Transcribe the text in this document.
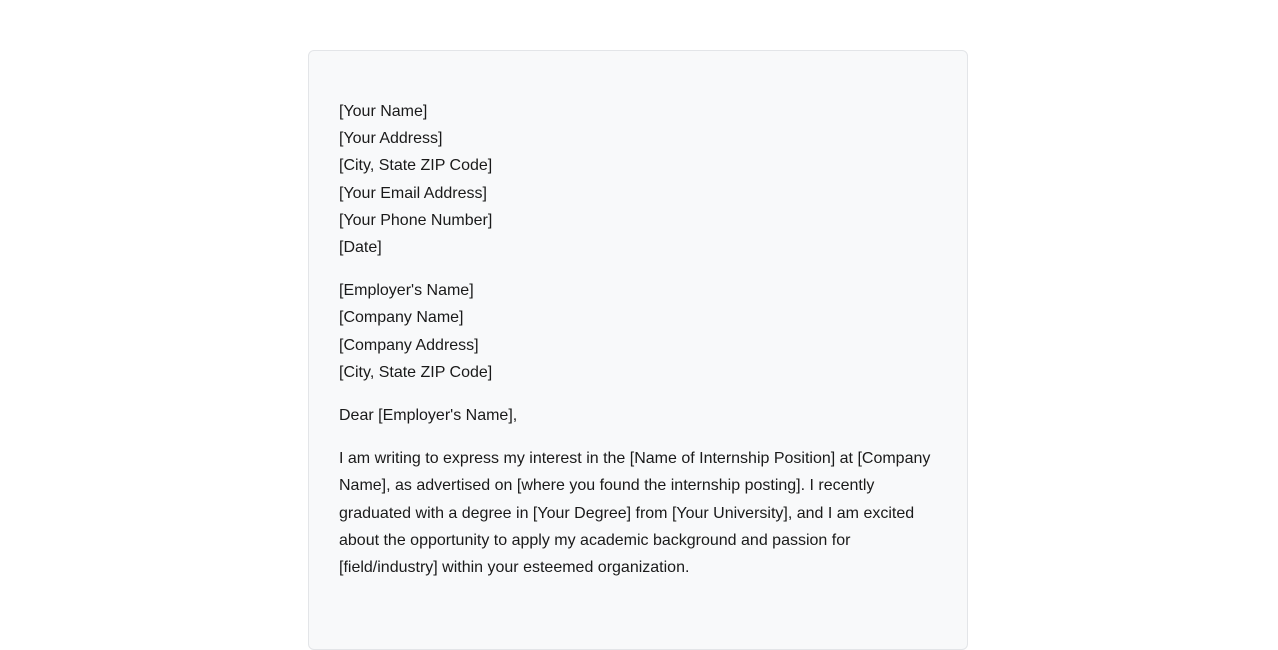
[Your Name]
[Your Address]
[City, State ZIP Code]
[Your Email Address]
[Your Phone Number]
[Date]
[Employer's Name]
[Company Name]
[Company Address]
[City, State ZIP Code]

Dear [Employer's Name],

I am writing to express my interest in the [Name of Internship Position] at [Company Name], as advertised on [where you found the internship posting]. I recently graduated with a degree in [Your Degree] from [Your University], and I am excited about the opportunity to apply my academic background and passion for [field/industry] within your esteemed organization.
